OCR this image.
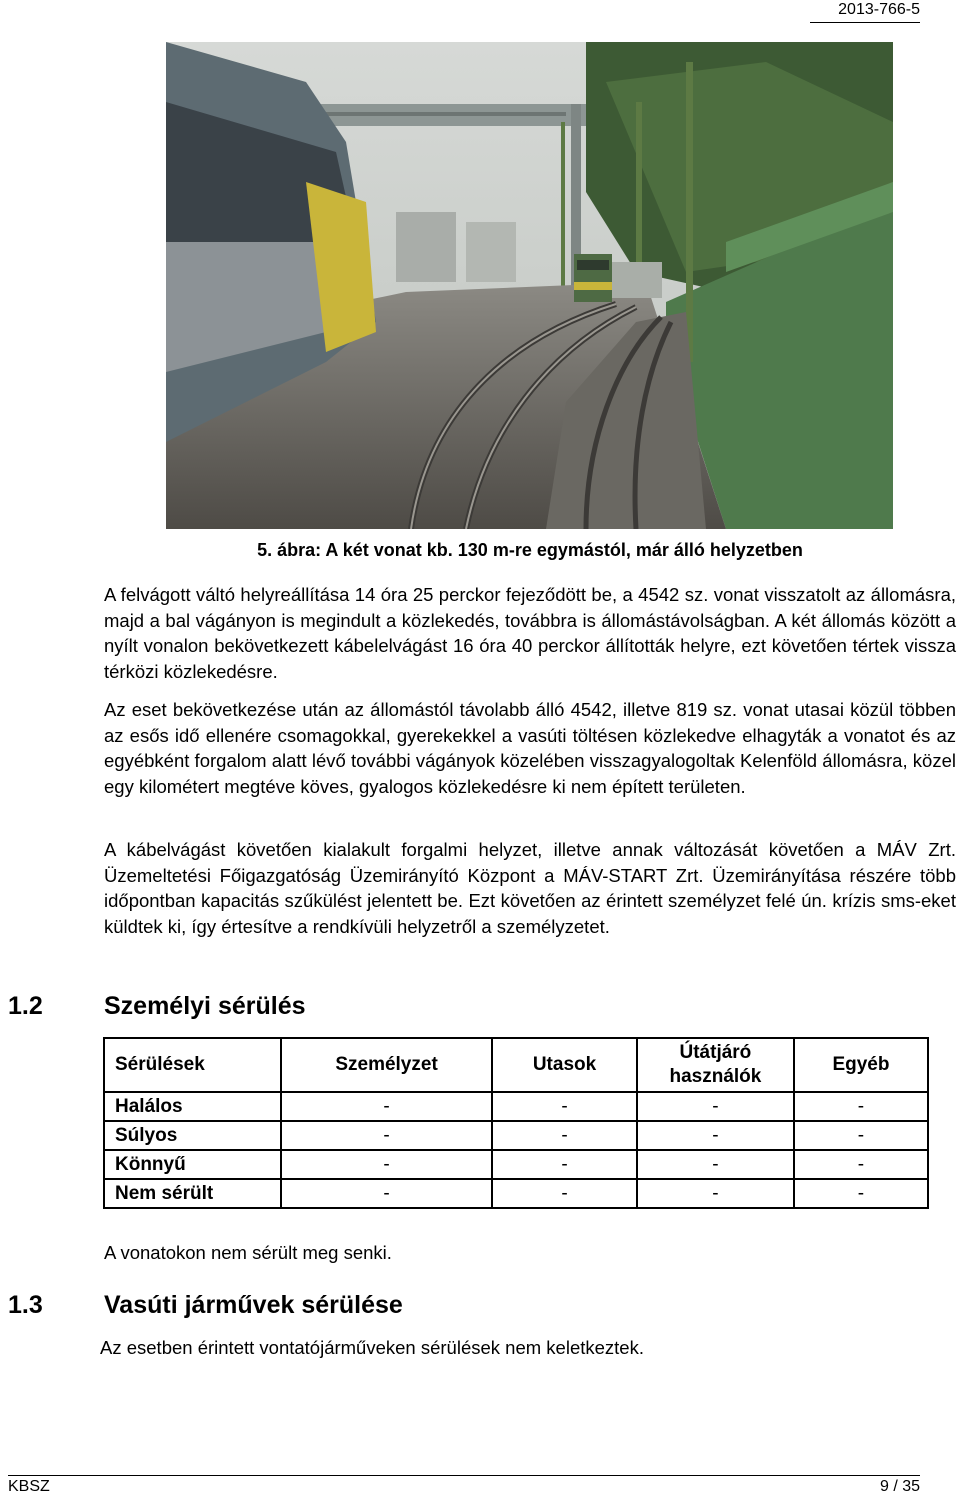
2013-766-5
5. ábra: A két vonat kb. 130 m-re egymástól, már álló helyzetben

A felvágott váltó helyreállítása 14 óra 25 perckor fejeződött be, a 4542 sz. vonat visszatolt az állomásra, majd a bal vágányon is megindult a közlekedés, továbbra is állomástávolságban. A két állomás között a nyílt vonalon bekövetkezett kábelelvágást 16 óra 40 perckor állították helyre, ezt követően tértek vissza térközi közlekedésre.

Az eset bekövetkezése után az állomástól távolabb álló 4542, illetve 819 sz. vonat utasai közül többen az esős idő ellenére csomagokkal, gyerekekkel a vasúti töltésen közlekedve elhagyták a vonatot és az egyébként forgalom alatt lévő további vágányok közelében visszagyalogoltak Kelenföld állomásra, közel egy kilométert megtéve köves, gyalogos közlekedésre ki nem épített területen.

A kábelvágást követően kialakult forgalmi helyzet, illetve annak változását követően a MÁV Zrt. Üzemeltetési Főigazgatóság Üzemirányító Központ a MÁV-START Zrt. Üzemirányítása részére több időpontban kapacitás szűkülést jelentett be. Ezt követően az érintett személyzet felé ún. krízis sms-eket küldtek ki, így értesítve a rendkívüli helyzetről a személyzetet.

1.2 Személyi sérülés
Sérülések	Személyzet	Utasok	Útátjáró használók	Egyéb
Halálos	-	-	-	-
Súlyos	-	-	-	-
Könnyű	-	-	-	-
Nem sérült	-	-	-	-

A vonatokon nem sérült meg senki.

1.3 Vasúti járművek sérülése

Az esetben érintett vontatójárműveken sérülések nem keletkeztek.

KBSZ	9 / 35
